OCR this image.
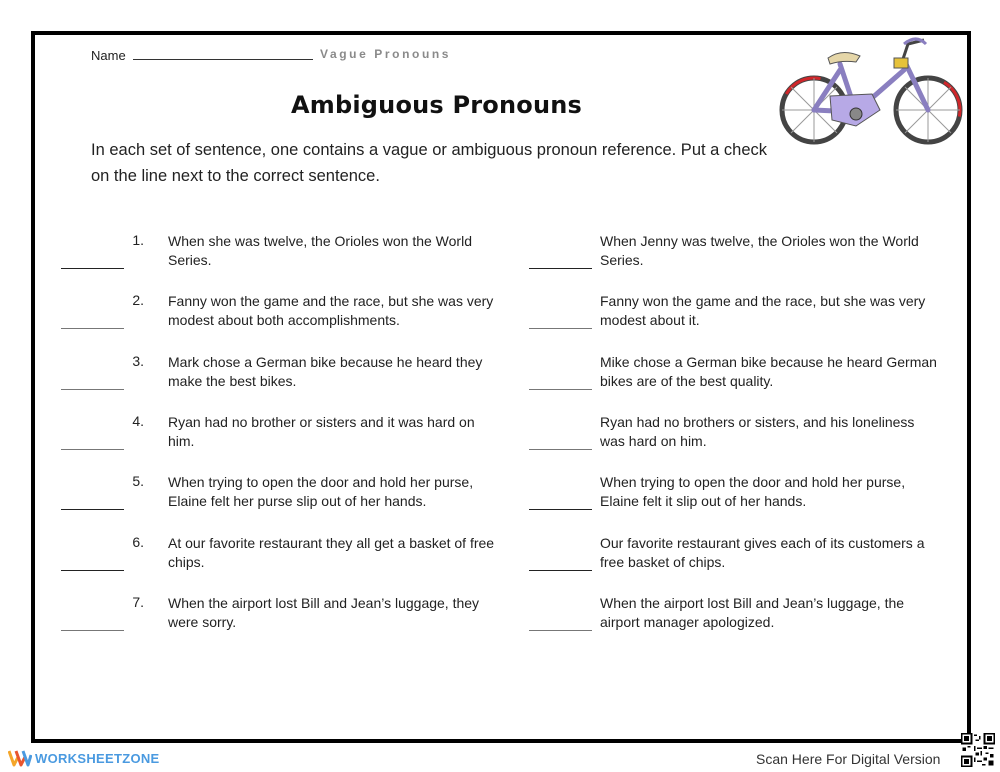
Name	Vague Pronouns
Ambiguous Pronouns
In each set of sentence, one contains a vague or ambiguous pronoun reference. Put a check on the line next to the correct sentence.
1. When she was twelve, the Orioles won the World Series.
When Jenny was twelve, the Orioles won the World Series.
2. Fanny won the game and the race, but she was very modest about both accomplishments.
Fanny won the game and the race, but she was very modest about it.
3. Mark chose a German bike because he heard they make the best bikes.
Mike chose a German bike because he heard German bikes are of the best quality.
4. Ryan had no brother or sisters and it was hard on him.
Ryan had no brothers or sisters, and his loneliness was hard on him.
5. When trying to open the door and hold her purse, Elaine felt her purse slip out of her hands.
When trying to open the door and hold her purse, Elaine felt it slip out of her hands.
6. At our favorite restaurant they all get a basket of free chips.
Our favorite restaurant gives each of its customers a free basket of chips.
7. When the airport lost Bill and Jean’s luggage, they were sorry.
When the airport lost Bill and Jean’s luggage, the airport manager apologized.
WORKSHEETZONE	Scan Here For Digital Version
